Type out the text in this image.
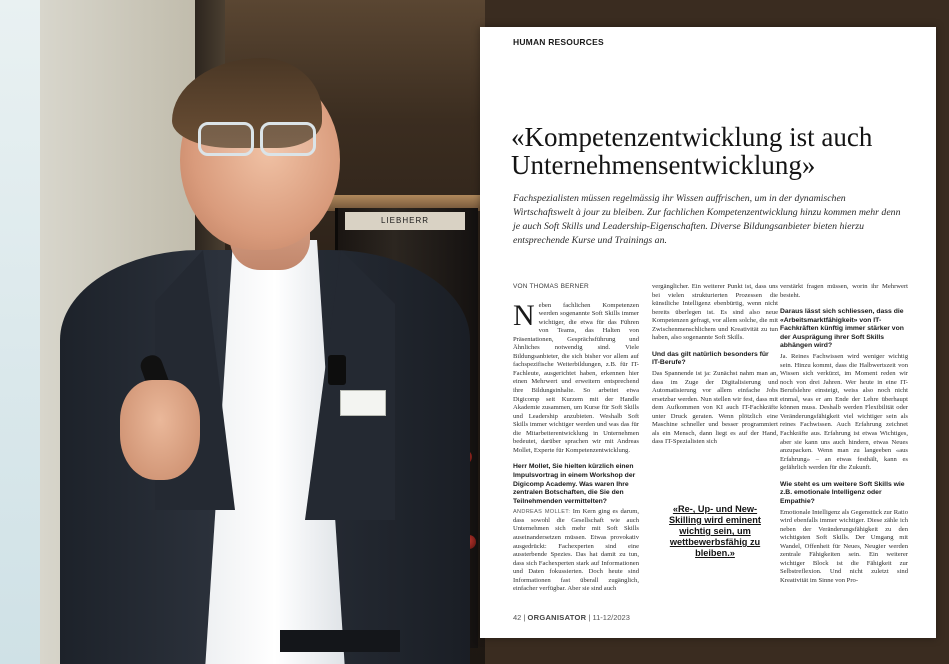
LIEBHERR
HUMAN RESOURCES
«Kompetenzentwicklung ist auch Unternehmensentwicklung»
Fachspezialisten müssen regelmässig ihr Wissen auffrischen, um in der dynamischen Wirtschaftswelt à jour zu bleiben. Zur fachlichen Kompetenzentwicklung hinzu kommen mehr denn je auch Soft Skills und Leadership-Eigenschaften. Diverse Bildungsanbieter bieten hierzu entsprechende Kurse und Trainings an.
VON THOMAS BERNER

Neben fachlichen Kompetenzen werden sogenannte Soft Skills immer wichtiger, die etwa für das Führen von Teams, das Halten von Präsentationen, Gesprächsführung und Ähnliches notwendig sind. Viele Bildungsanbieter, die sich bisher vor allem auf fachspezifische Weiterbildungen, z.B. für IT-Fachleute, ausgerichtet haben, erkennen hier einen Mehrwert und erweitern entsprechend ihre Bildungsinhalte. So arbeitet etwa Digicomp seit Kurzem mit der Handle Akademie zusammen, um Kurse für Soft Skills und Leadership anzubieten. Weshalb Soft Skills immer wichtiger werden und was das für die Mitarbeiterentwicklung in Unternehmen bedeutet, darüber sprachen wir mit Andreas Mollet, Experte für Kompetenzentwicklung.

Herr Mollet, Sie hielten kürzlich einen Impulsvortrag in einem Workshop der Digicomp Academy. Was waren Ihre zentralen Botschaften, die Sie den Teilnehmenden vermittelten?

ANDREAS MOLLET: Im Kern ging es darum, dass sowohl die Gesellschaft wie auch Unternehmen sich mehr mit Soft Skills auseinandersetzen müssen. Etwas provokativ ausgedrückt: Fachexperten sind eine aussterbende Spezies. Das hat damit zu tun, dass sich Fachexperten stark auf Informationen und Daten fokussierten. Doch heute sind Informationen fast überall zugänglich, einfacher verfügbar. Aber sie sind auch

vergänglicher. Ein weiterer Punkt ist, dass uns bei vielen strukturierten Prozessen die künstliche Intelligenz ebenbürtig, wenn nicht bereits überlegen ist. Es sind also neue Kompetenzen gefragt, vor allem solche, die mit Zwischenmenschlichem und Kreativität zu tun haben, also sogenannte Soft Skills.

Und das gilt natürlich besonders für IT-Berufe?

Das Spannende ist ja: Zunächst nahm man an, dass im Zuge der Digitalisierung und Automatisierung vor allem einfache Jobs ersetzbar werden. Nun stellen wir fest, dass mit dem Aufkommen von KI auch IT-Fachkräfte unter Druck geraten. Wenn plötzlich eine Maschine schneller und besser programmiert als ein Mensch, dann liegt es auf der Hand, dass IT-Spezialisten sich

«Re-, Up- und New-Skilling wird eminent wichtig sein, um wettbewerbsfähig zu bleiben.»

verstärkt fragen müssen, worin ihr Mehrwert besteht.

Daraus lässt sich schliessen, dass die «Arbeitsmarktfähigkeit» von IT-Fachkräften künftig immer stärker von der Ausprägung ihrer Soft Skills abhängen wird?

Ja. Reines Fachwissen wird weniger wichtig sein. Hinzu kommt, dass die Halbwertszeit von Wissen sich verkürzt, im Moment reden wir noch von drei Jahren. Wer heute in eine IT-Berufslehre einsteigt, weiss also noch nicht einmal, was er am Ende der Lehre überhaupt können muss. Deshalb werden Flexibilität oder Veränderungsfähigkeit viel wichtiger sein als reines Fachwissen. Auch Erfahrung zeichnet Fachkräfte aus. Erfahrung ist etwas Wichtiges, aber sie kann uns auch hindern, etwas Neues anzupacken. Wenn man zu langeeben «aus Erfahrung» – an etwas festhält, kann es gefährlich werden für die Zukunft.

Wie steht es um weitere Soft Skills wie z.B. emotionale Intelligenz oder Empathie?

Emotionale Intelligenz als Gegenstück zur Ratio wird ebenfalls immer wichtiger. Diese zähle ich neben der Veränderungsfähigkeit zu den wichtigsten Soft Skills. Der Umgang mit Wandel, Offenheit für Neues, Neugier werden zentrale Fähigkeiten sein. Ein weiterer wichtiger Block ist die Fähigkeit zur Selbstreflexion. Und nicht zuletzt sind Kreativität im Sinne von Pro-

42 | ORGANISATOR | 11-12/2023
